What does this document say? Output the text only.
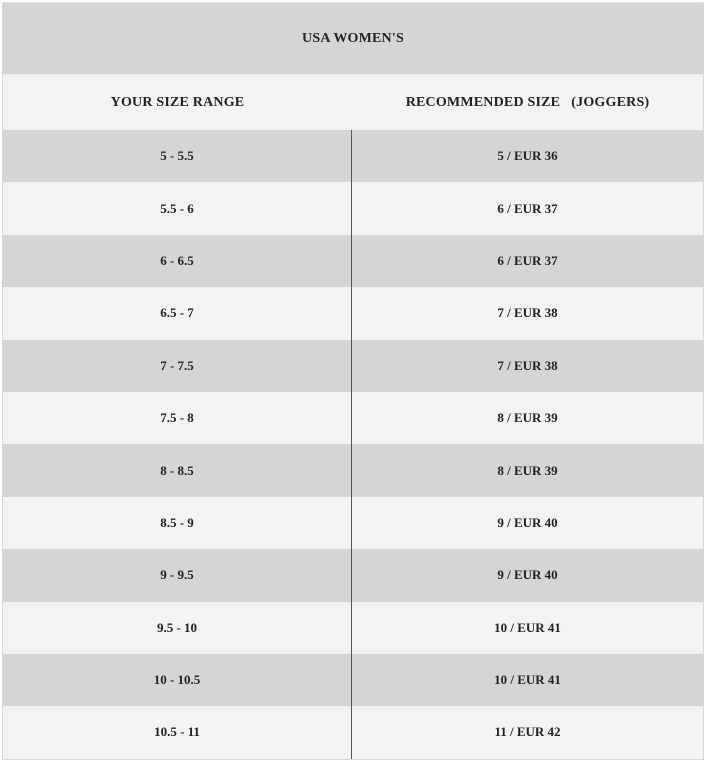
USA WOMEN'S
YOUR SIZE RANGE	RECOMMENDED SIZE   (JOGGERS)
5 - 5.5	5 / EUR 36
5.5 - 6	6 / EUR 37
6 - 6.5	6 / EUR 37
6.5 - 7	7 / EUR 38
7 - 7.5	7 / EUR 38
7.5 - 8	8 / EUR 39
8 - 8.5	8 / EUR 39
8.5 - 9	9 / EUR 40
9 - 9.5	9 / EUR 40
9.5 - 10	10 / EUR 41
10 - 10.5	10 / EUR 41
10.5 - 11	11 / EUR 42
